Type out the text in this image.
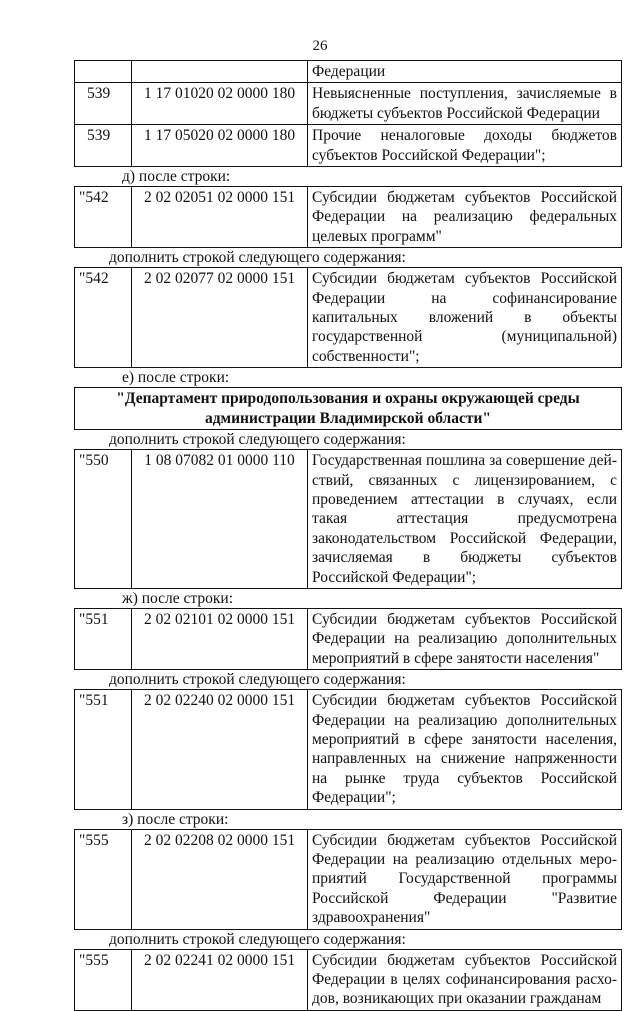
26
		Федерации

539	1 17 01020 02 0000 180	Невыясненные поступления, зачисляемые в бюджеты субъектов Российской Федерации

539	1 17 05020 02 0000 180	Прочие неналоговые доходы бюджетов субъектов Российской Федерации";
д) после строки:
"542	2 02 02051 02 0000 151	Субсидии бюджетам субъектов Российской Федерации на реализацию федеральных целевых программ"
дополнить строкой следующего содержания:
"542	2 02 02077 02 0000 151	Субсидии бюджетам субъектов Российской Федерации на софинансирование капитальных вложений в объекты государственной (муниципальной) собственности";
е) после строки:
"Департамент природопользования и охраны окружающей среды администрации Владимирской области"
дополнить строкой следующего содержания:
"550	1 08 07082 01 0000 110	Государственная пошлина за совершение действий, связанных с лицензированием, с проведением аттестации в случаях, если такая аттестация предусмотрена законодательством Российской Федерации, зачисляемая в бюджеты субъектов Российской Федерации";
ж) после строки:
"551	2 02 02101 02 0000 151	Субсидии бюджетам субъектов Российской Федерации на реализацию дополнительных мероприятий в сфере занятости населения"
дополнить строкой следующего содержания:
"551	2 02 02240 02 0000 151	Субсидии бюджетам субъектов Российской Федерации на реализацию дополнительных мероприятий в сфере занятости населения, направленных на снижение напряженности на рынке труда субъектов Российской Федерации";
з) после строки:
"555	2 02 02208 02 0000 151	Субсидии бюджетам субъектов Российской Федерации на реализацию отдельных мероприятий Государственной программы Российской Федерации "Развитие здравоохранения"
дополнить строкой следующего содержания:
"555	2 02 02241 02 0000 151	Субсидии бюджетам субъектов Российской Федерации в целях софинансирования расходов, возникающих при оказании гражданам
